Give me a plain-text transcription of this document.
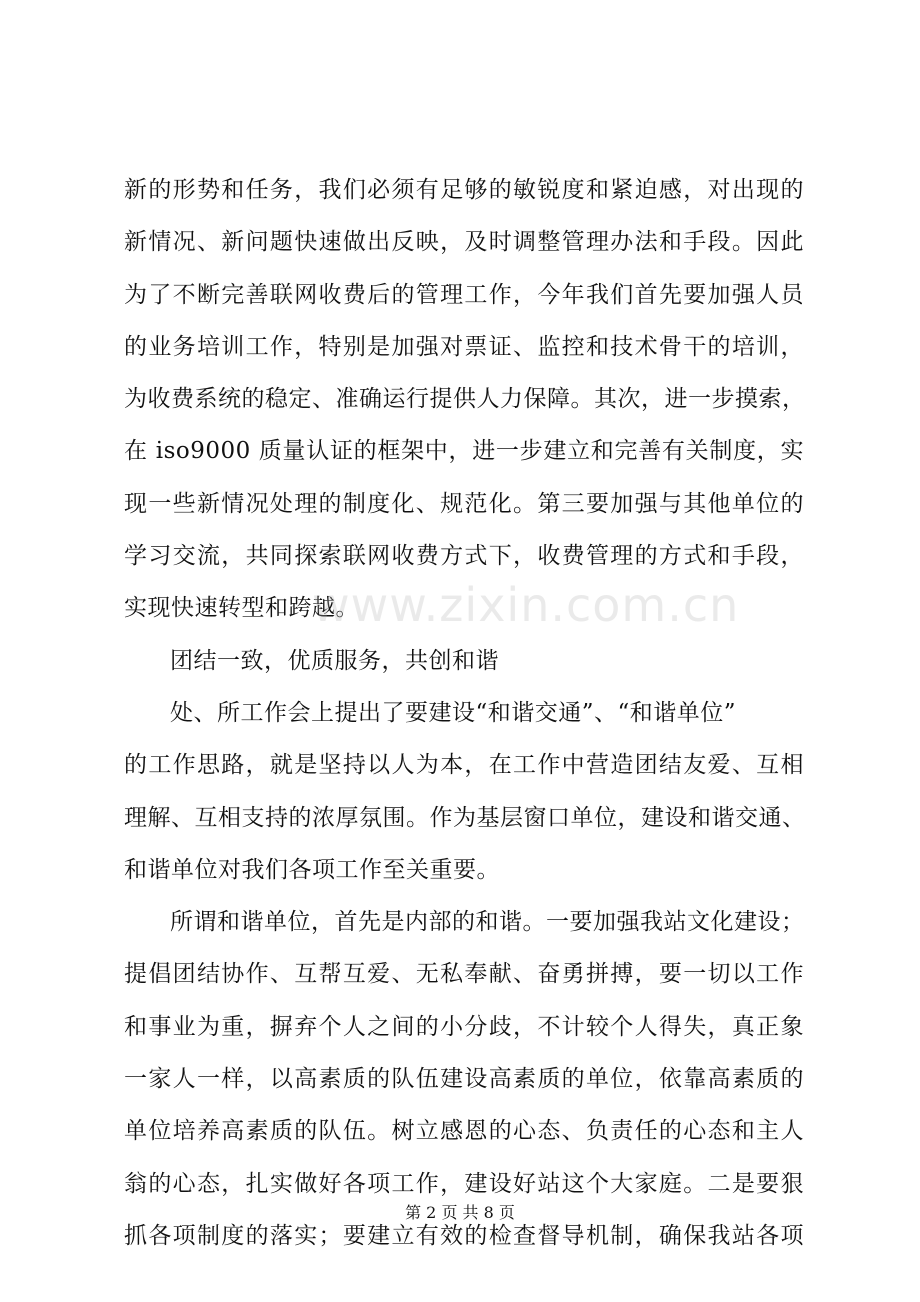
新的形势和任务，我们必须有足够的敏锐度和紧迫感，对出现的
新情况、新问题快速做出反映，及时调整管理办法和手段。因此
为了不断完善联网收费后的管理工作，今年我们首先要加强人员
的业务培训工作，特别是加强对票证、监控和技术骨干的培训，
为收费系统的稳定、准确运行提供人力保障。其次，进一步摸索，
在 iso9000 质量认证的框架中，进一步建立和完善有关制度，实
现一些新情况处理的制度化、规范化。第三要加强与其他单位的
学习交流，共同探索联网收费方式下，收费管理的方式和手段，
实现快速转型和跨越。
团结一致，优质服务，共创和谐
处、所工作会上提出了要建设“和谐交通”、“和谐单位”
的工作思路，就是坚持以人为本，在工作中营造团结友爱、互相
理解、互相支持的浓厚氛围。作为基层窗口单位，建设和谐交通、
和谐单位对我们各项工作至关重要。
所谓和谐单位，首先是内部的和谐。一要加强我站文化建设；
提倡团结协作、互帮互爱、无私奉献、奋勇拼搏，要一切以工作
和事业为重，摒弃个人之间的小分歧，不计较个人得失，真正象
一家人一样，以高素质的队伍建设高素质的单位，依靠高素质的
单位培养高素质的队伍。树立感恩的心态、负责任的心态和主人
翁的心态，扎实做好各项工作，建设好站这个大家庭。二是要狠
抓各项制度的落实；要建立有效的检查督导机制，确保我站各项
www.zixin.com.cn
第 2 页 共 8 页
